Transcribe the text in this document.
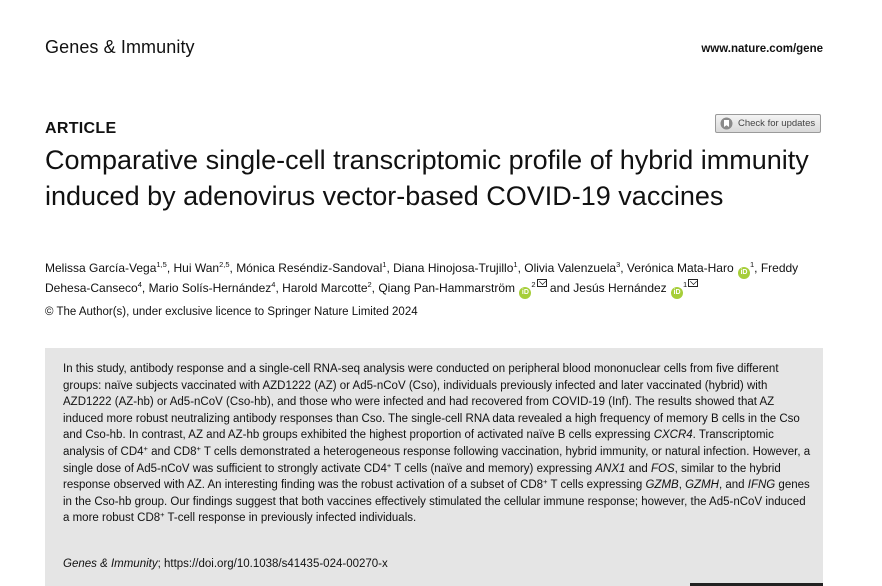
Genes & Immunity	www.nature.com/gene
ARTICLE	Check for updates
Comparative single-cell transcriptomic profile of hybrid immunity induced by adenovirus vector-based COVID-19 vaccines
Melissa García-Vega$^{1,5}$, Hui Wan$^{2,5}$, Mónica Reséndiz-Sandoval$^1$, Diana Hinojosa-Trujillo$^1$, Olivia Valenzuela$^3$, Verónica Mata-Haro $iD^1$, Freddy Dehesa-Canseco$^4$, Mario Solís-Hernández$^4$, Harold Marcotte$^2$, Qiang Pan-Hammarström $iD^2$ and Jesús Hernández $iD^1$
© The Author(s), under exclusive licence to Springer Nature Limited 2024

In this study, antibody response and a single-cell RNA-seq analysis were conducted on peripheral blood mononuclear cells from five different groups: naïve subjects vaccinated with AZD1222 (AZ) or Ad5-nCoV (Cso), individuals previously infected and later vaccinated (hybrid) with AZD1222 (AZ-hb) or Ad5-nCoV (Cso-hb), and those who were infected and had recovered from COVID-19 (Inf). The results showed that AZ induced more robust neutralizing antibody responses than Cso. The single-cell RNA data revealed a high frequency of memory B cells in the Cso and Cso-hb. In contrast, AZ and AZ-hb groups exhibited the highest proportion of activated naïve B cells expressing CXCR4. Transcriptomic analysis of CD4+ and CD8+ T cells demonstrated a heterogeneous response following vaccination, hybrid immunity, or natural infection. However, a single dose of Ad5-nCoV was sufficient to strongly activate CD4+ T cells (naïve and memory) expressing ANX1 and FOS, similar to the hybrid response observed with AZ. An interesting finding was the robust activation of a subset of CD8+ T cells expressing GZMB, GZMH, and IFNG genes in the Cso-hb group. Our findings suggest that both vaccines effectively stimulated the cellular immune response; however, the Ad5-nCoV induced a more robust CD8+ T-cell response in previously infected individuals.

Genes & Immunity; https://doi.org/10.1038/s41435-024-00270-x
